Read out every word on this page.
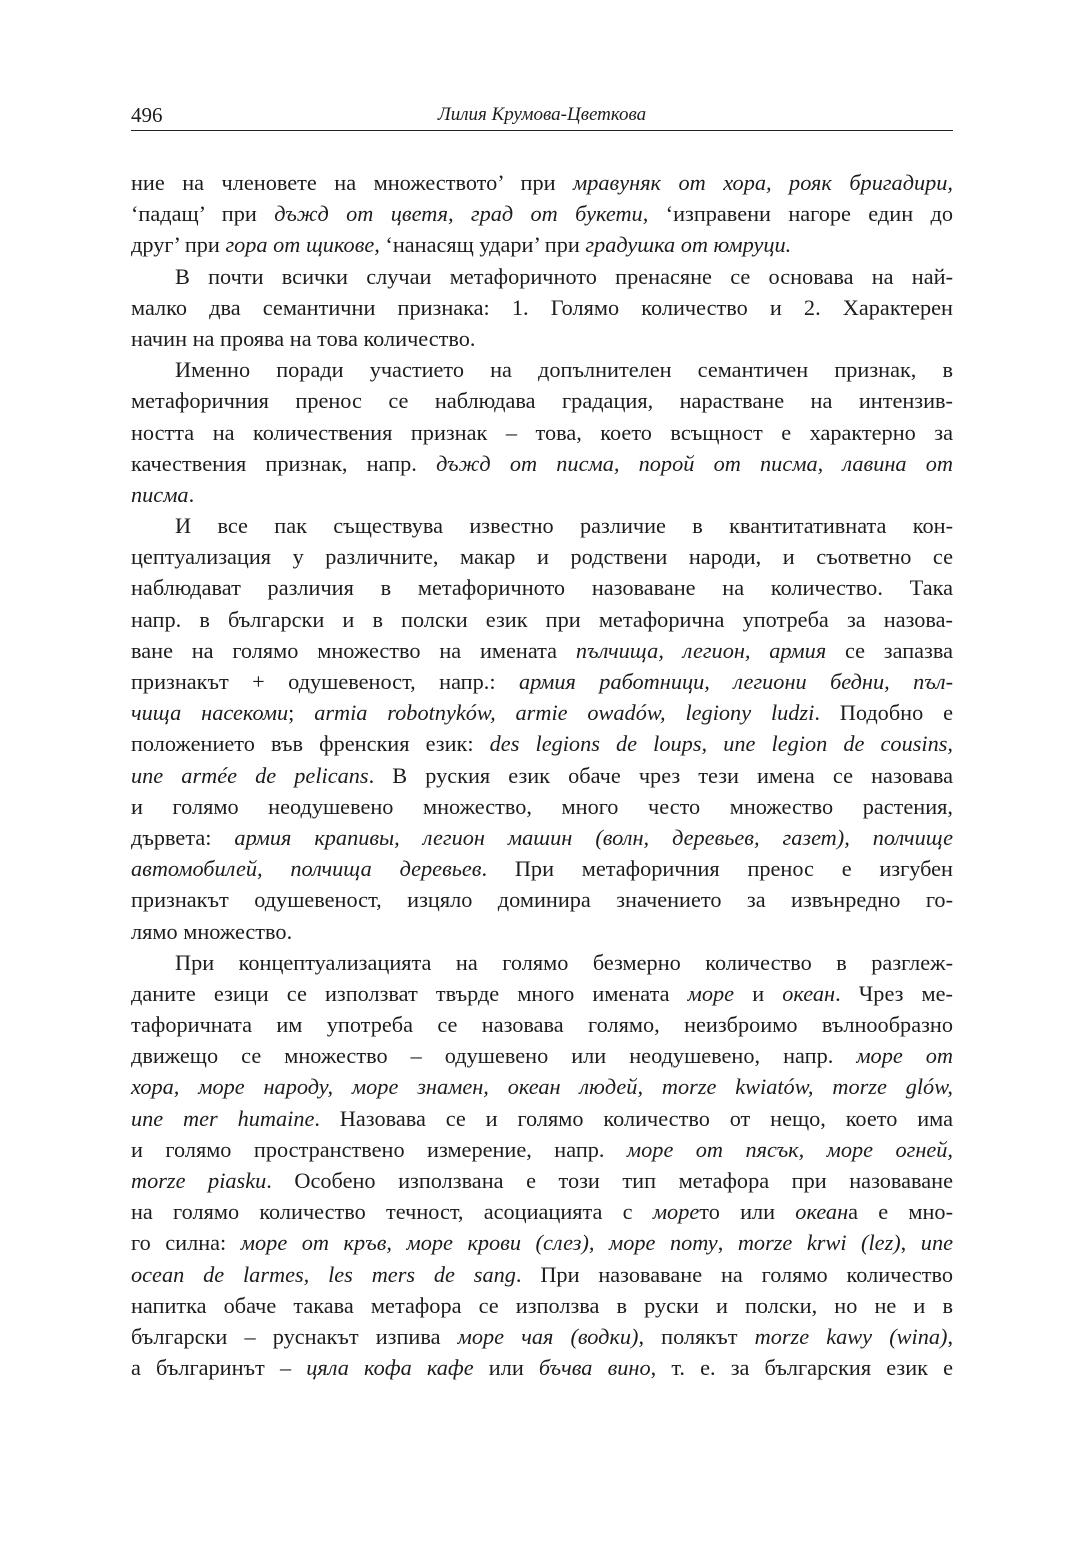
496	Лилия Крумова-Цветкова
ние на членовете на множеството’ при мравуняк от хора, рояк бригадири,
‘падащ’ при дъжд от цветя, град от букети, ‘изправени нагоре един до
друг’ при гора от щикове, ‘нанасящ удари’ при градушка от юмруци.
В почти всички случаи метафоричното пренасяне се основава на най-
малко два семантични признака: 1. Голямо количество и 2. Характерен
начин на проява на това количество.
Именно поради участието на допълнителен семантичен признак, в
метафоричния пренос се наблюдава градация, нарастване на интензив-
ността на количествения признак – това, което всъщност е характерно за
качествения признак, напр. дъжд от писма, порой от писма, лавина от
писма.
И все пак съществува известно различие в квантитативната кон-
цептуализация у различните, макар и родствени народи, и съответно се
наблюдават различия в метафоричното назоваване на количество. Така
напр. в български и в полски език при метафорична употреба за назова-
ване на голямо множество на имената пълчища, легион, армия се запазва
признакът + одушевеност, напр.: армия работници, легиони бедни, пъл-
чища насекоми; armia robotnyków, armie owadów, legiony ludzi. Подобно е
положението във френския език: des legions de loups, une legion de cousins,
une armée de pelicans. В руския език обаче чрез тези имена се назовава
и голямо неодушевено множество, много често множество растения,
дървета: армия крапивы, легион машин (волн, деревьев, газет), полчище
автомобилей, полчища деревьев. При метафоричния пренос е изгубен
признакът одушевеност, изцяло доминира значението за извънредно го-
лямо множество.
При концептуализацията на голямо безмерно количество в разглеж-
даните езици се използват твърде много имената море и океан. Чрез ме-
тафоричната им употреба се назовава голямо, неизброимо вълнообразно
движещо се множество – одушевено или неодушевено, напр. море от
хора, море народу, море знамен, океан людей, morze kwiatów, morze glów,
une mer humaine. Назовава се и голямо количество от нещо, което има
и голямо пространствено измерение, напр. море от пясък, море огней,
morze piasku. Особено използвана е този тип метафора при назоваване
на голямо количество течност, асоциацията с морето или океана е мно-
го силна: море от кръв, море крови (слез), море поту, morze krwi (lez), une
ocean de larmes, les mers de sang. При назоваване на голямо количество
напитка обаче такава метафора се използва в руски и полски, но не и в
български – руснакът изпива море чая (водки), полякът morze kawy (wina),
а българинът – цяла кофа кафе или бъчва вино, т. е. за българския език е
